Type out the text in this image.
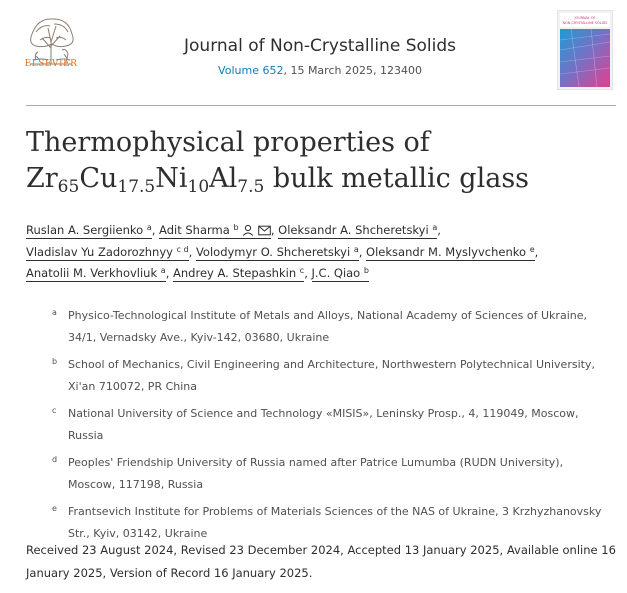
ELSEVIER
Journal of Non-Crystalline Solids
Volume 652, 15 March 2025, 123400
JOURNAL OF
NON-CRYSTALLINE SOLIDS
Thermophysical properties of
$Zr_{65}Cu_{17.5}Ni_{10}Al_{7.5}$ bulk metallic glass
Ruslan A. Sergiienko $^a$, Adit Sharma $^b$	, Oleksandr A. Shcheretskyi $^a$,
Vladislav Yu Zadorozhnyy $^{c d}$, Volodymyr O. Shcheretskyi $^a$, Oleksandr M. Myslyvchenko $^e$,
Anatolii M. Verkhovliuk $^a$, Andrey A. Stepashkin $^c$, J.C. Qiao $^b$
a Physico-Technological Institute of Metals and Alloys, National Academy of Sciences of Ukraine, 34/1, Vernadsky Ave., Kyiv-142, 03680, Ukraine
b School of Mechanics, Civil Engineering and Architecture, Northwestern Polytechnical University, Xi'an 710072, PR China
c National University of Science and Technology «MISIS», Leninsky Prosp., 4, 119049, Moscow, Russia
d Peoples' Friendship University of Russia named after Patrice Lumumba (RUDN University), Moscow, 117198, Russia
e Frantsevich Institute for Problems of Materials Sciences of the NAS of Ukraine, 3 Krzhyzhanovsky Str., Kyiv, 03142, Ukraine
Received 23 August 2024, Revised 23 December 2024, Accepted 13 January 2025, Available online 16 January 2025, Version of Record 16 January 2025.
